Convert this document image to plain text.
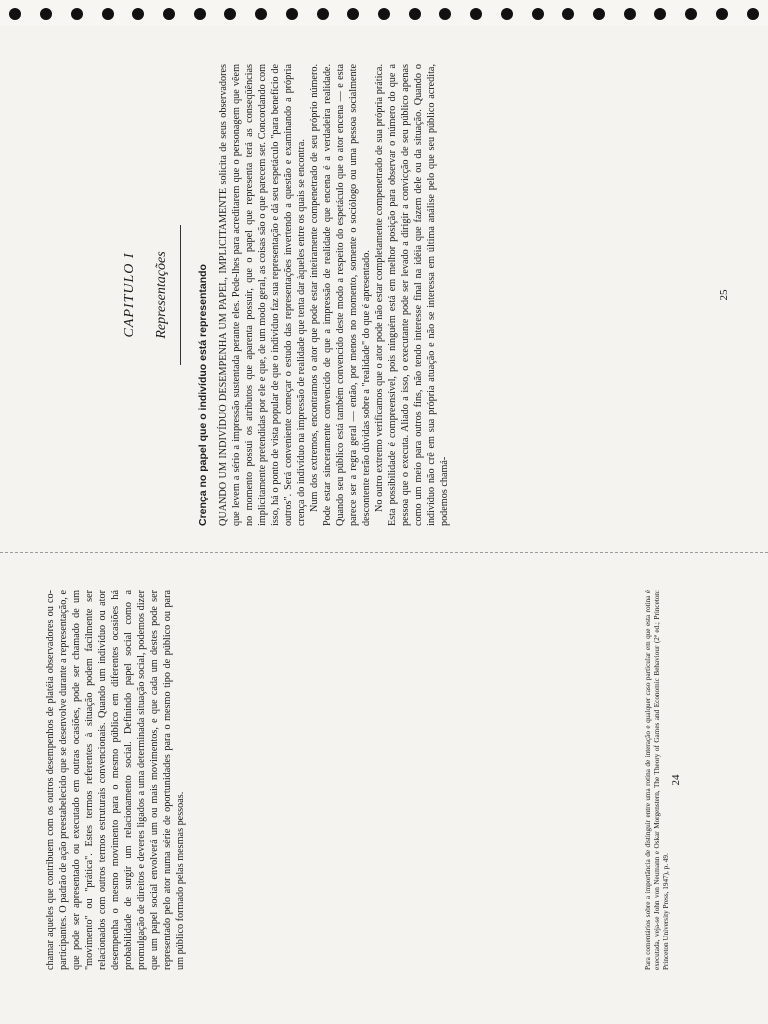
CAPITULO I Representações	Crença no papel que o indivíduo está representando QUANDO UM INDIVÍDUO DESEMPENHA UM PAPEL, IMPLICITAMENTE solicita de seus observadores que levem a sério a impressão sustentada perante eles. Pede-lhes para acreditarem que o personagem que vêem no momento possui os atributos que aparenta possuir, que o papel que representa terá as conseqüências implicitamente pretendidas por ele e que, de um modo geral, as coisas são o que parecem ser. Concordando com isso, há o ponto de vista popular de que o indivíduo faz sua representação e dá seu espetáculo "para benefício de outros". Será conveniente começar o estudo das representações invertendo a questão e examinando a própria crença do indivíduo na impressão de realidade que tenta dar àqueles entre os quais se encontra. Num dos extremos, encontramos o ator que pode estar inteiramente compenetrado de seu próprio número. Pode estar sinceramente convencido de que a impressão de realidade que encena é a verdadeira realidade. Quando seu público está também convencido deste modo a respeito do espetáculo que o ator encena — e esta parece ser a regra geral — então, por menos no momento, somente o sociólogo ou uma pessoa socialmente descontente terão dúvidas sobre a "realidade" do que é apresentado. No outro extremo verificamos que o ator pode não estar completamente compenetrado de sua própria prática. Esta possibilidade é compreensível, pois ninguém está em melhor posição para observar o número do que a pessoa que o executa. Aliado a isso, o executante pode ser levado a dirigir a convicção de seu público apenas como um meio para outros fins, não tendo interesse final na idéia que fazem dele ou da situação. Quando o indivíduo não crê em sua própria atuação e não se interessa em última análise pelo que seu público acredita, podemos chamá-

25

chamar aqueles que contribuem com os outros desempenhos de platéia observadores ou co-participantes. O padrão de ação preestabelecido que se desenvolve durante a representação, e que pode ser apresentado ou executado em outras ocasiões, pode ser chamado de um "movimento" ou "prática". Estes termos referentes à situação podem facilmente ser relacionados com outros termos estruturais convencionais. Quando um indivíduo ou ator desempenha o mesmo movimento para o mesmo público em diferentes ocasiões há probabilidade de surgir um relacionamento social. Definindo papel social como a promulgação de direitos e deveres ligados a uma determinada situação social, podemos dizer que um papel social envolverá um ou mais movimentos, e que cada um destes pode ser representado pelo ator numa série de oportunidades para o mesmo tipo de público ou para um público formado pelas mesmas pessoas.	Para comentários sobre a importância de distinguir entre uma rotina de interação e qualquer caso particular em que esta rotina é executada, veja-se John von Neumann e Oskar Morgenstern, The Theory of Games and Economic Behaviour (2ª ed.; Princeton: Princeton University Press, 1947), p. 49.
24
